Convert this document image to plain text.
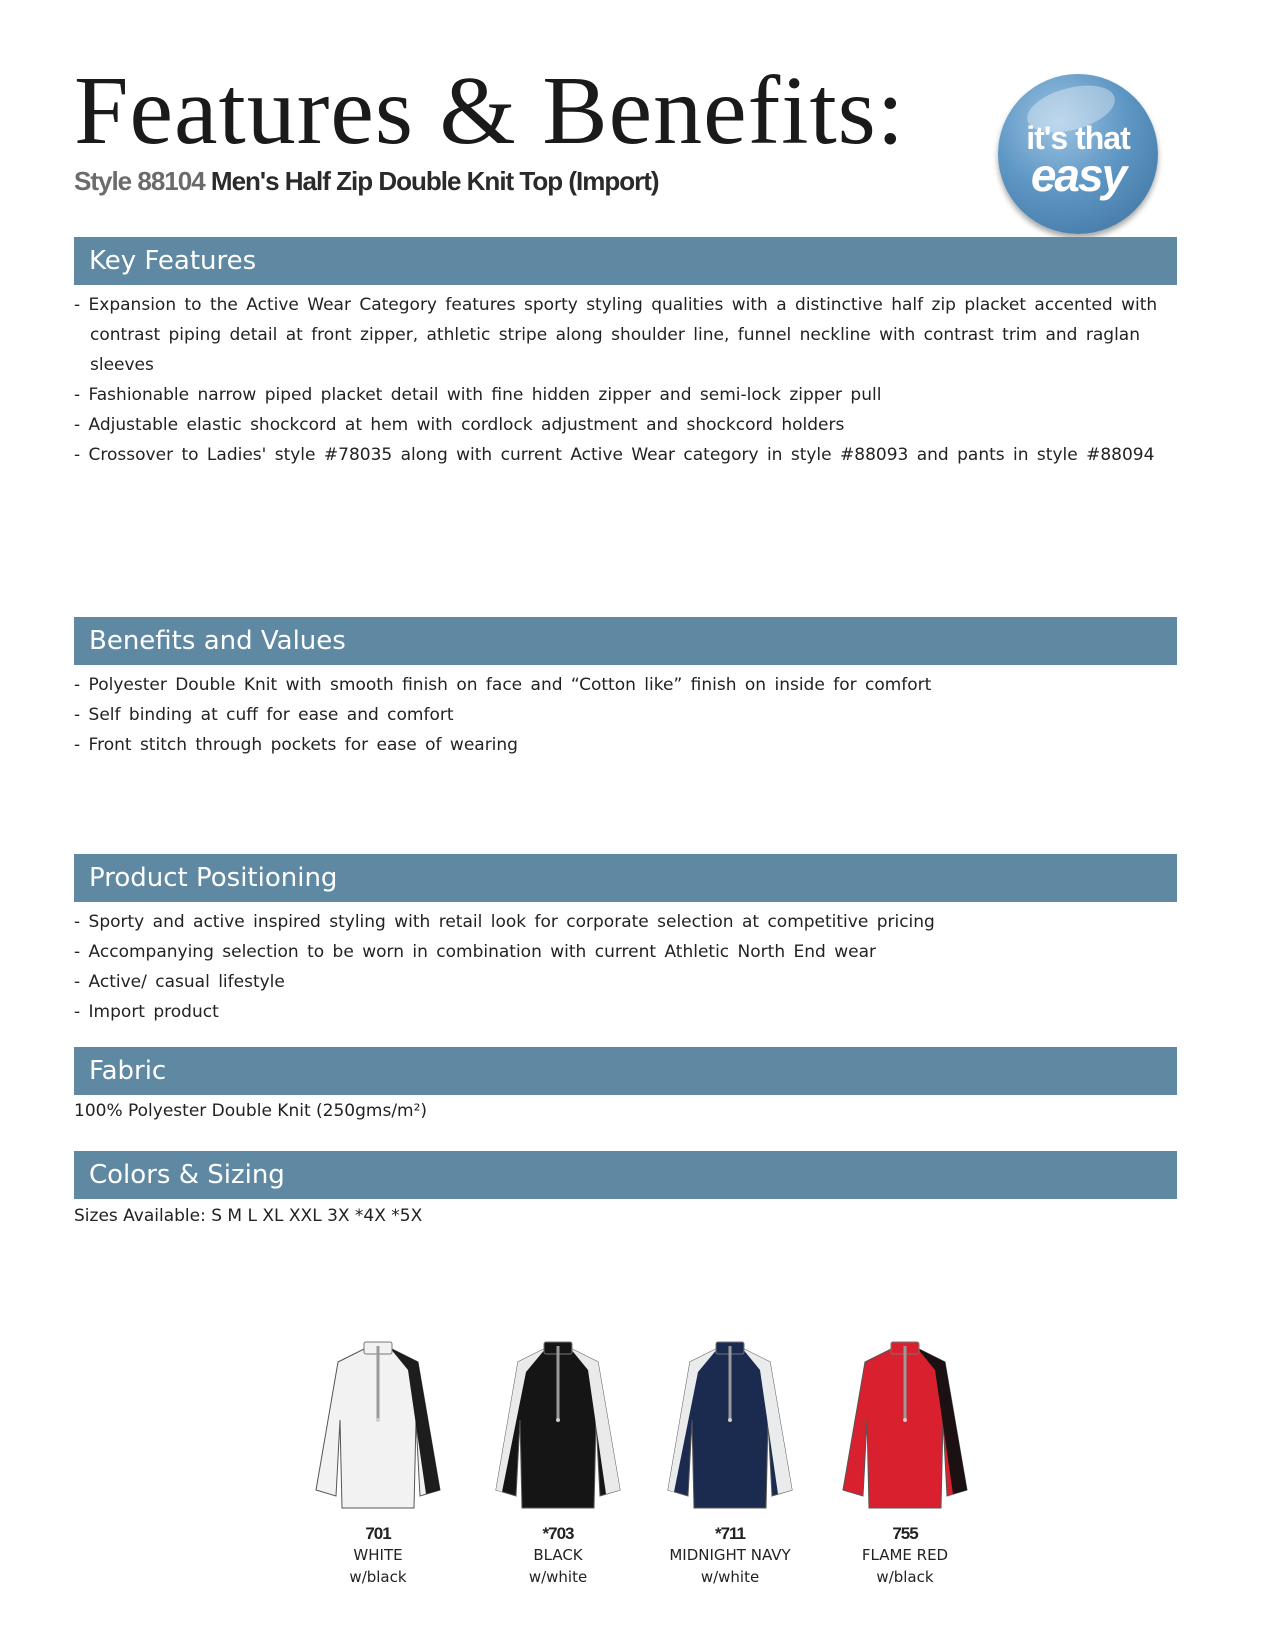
Features & Benefits:
Style 88104 Men's Half Zip Double Knit Top (Import)
it's that
easy
Key Features
- Expansion to the Active Wear Category features sporty styling qualities with a distinctive half zip placket accented with contrast piping detail at front zipper, athletic stripe along shoulder line, funnel neckline with contrast trim and raglan sleeves
- Fashionable narrow piped placket detail with fine hidden zipper and semi-lock zipper pull
- Adjustable elastic shockcord at hem with cordlock adjustment and shockcord holders
- Crossover to Ladies' style #78035 along with current Active Wear category in style #88093 and pants in style #88094
Benefits and Values
- Polyester Double Knit with smooth finish on face and “Cotton like” finish on inside for comfort
- Self binding at cuff for ease and comfort
- Front stitch through pockets for ease of wearing
Product Positioning
- Sporty and active inspired styling with retail look for corporate selection at competitive pricing
- Accompanying selection to be worn in combination with current Athletic North End wear
- Active/ casual lifestyle
- Import product
Fabric
100% Polyester Double Knit (250gms/m²)
Colors & Sizing
Sizes Available: S M L XL XXL 3X *4X *5X
701
WHITE
w/black
*703
BLACK
w/white
*711
MIDNIGHT NAVY
w/white
755
FLAME RED
w/black
